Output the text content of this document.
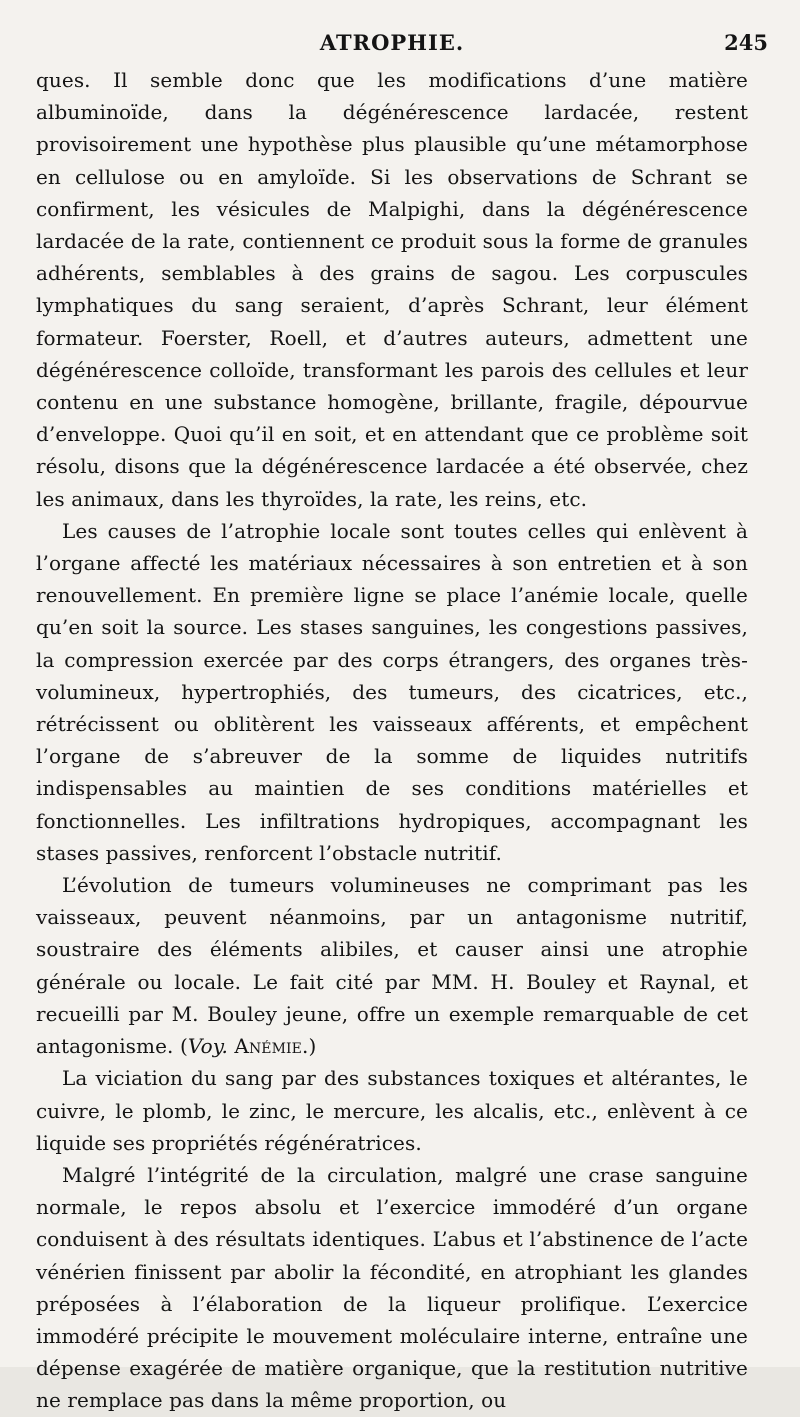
ATROPHIE.	245

ques. Il semble donc que les modifications d’une matière albuminoïde, dans la dégénérescence lardacée, restent provisoirement une hypothèse plus plausible qu’une métamorphose en cellulose ou en amyloïde. Si les observations de Schrant se confirment, les vésicules de Malpighi, dans la dégénérescence lardacée de la rate, contiennent ce produit sous la forme de granules adhérents, semblables à des grains de sagou. Les corpuscules lymphatiques du sang seraient, d’après Schrant, leur élément formateur. Foerster, Roell, et d’autres auteurs, admettent une dégénérescence colloïde, transformant les parois des cellules et leur contenu en une substance homogène, brillante, fragile, dépourvue d’enveloppe. Quoi qu’il en soit, et en attendant que ce problème soit résolu, disons que la dégénérescence lardacée a été observée, chez les animaux, dans les thyroïdes, la rate, les reins, etc.

Les causes de l’atrophie locale sont toutes celles qui enlèvent à l’organe affecté les matériaux nécessaires à son entretien et à son renouvellement. En première ligne se place l’anémie locale, quelle qu’en soit la source. Les stases sanguines, les congestions passives, la compression exercée par des corps étrangers, des organes très-volumineux, hypertrophiés, des tumeurs, des cicatrices, etc., rétrécissent ou oblitèrent les vaisseaux afférents, et empêchent l’organe de s’abreuver de la somme de liquides nutritifs indispensables au maintien de ses conditions matérielles et fonctionnelles. Les infiltrations hydropiques, accompagnant les stases passives, renforcent l’obstacle nutritif.

L’évolution de tumeurs volumineuses ne comprimant pas les vaisseaux, peuvent néanmoins, par un antagonisme nutritif, soustraire des éléments alibiles, et causer ainsi une atrophie générale ou locale. Le fait cité par MM. H. Bouley et Raynal, et recueilli par M. Bouley jeune, offre un exemple remarquable de cet antagonisme. (Voy. Anémie.)

La viciation du sang par des substances toxiques et altérantes, le cuivre, le plomb, le zinc, le mercure, les alcalis, etc., enlèvent à ce liquide ses propriétés régénératrices.

Malgré l’intégrité de la circulation, malgré une crase sanguine normale, le repos absolu et l’exercice immodéré d’un organe conduisent à des résultats identiques. L’abus et l’abstinence de l’acte vénérien finissent par abolir la fécondité, en atrophiant les glandes préposées à l’élaboration de la liqueur prolifique. L’exercice immodéré précipite le mouvement moléculaire interne, entraîne une dépense exagérée de matière organique, que la restitution nutritive ne remplace pas dans la même proportion, ou
